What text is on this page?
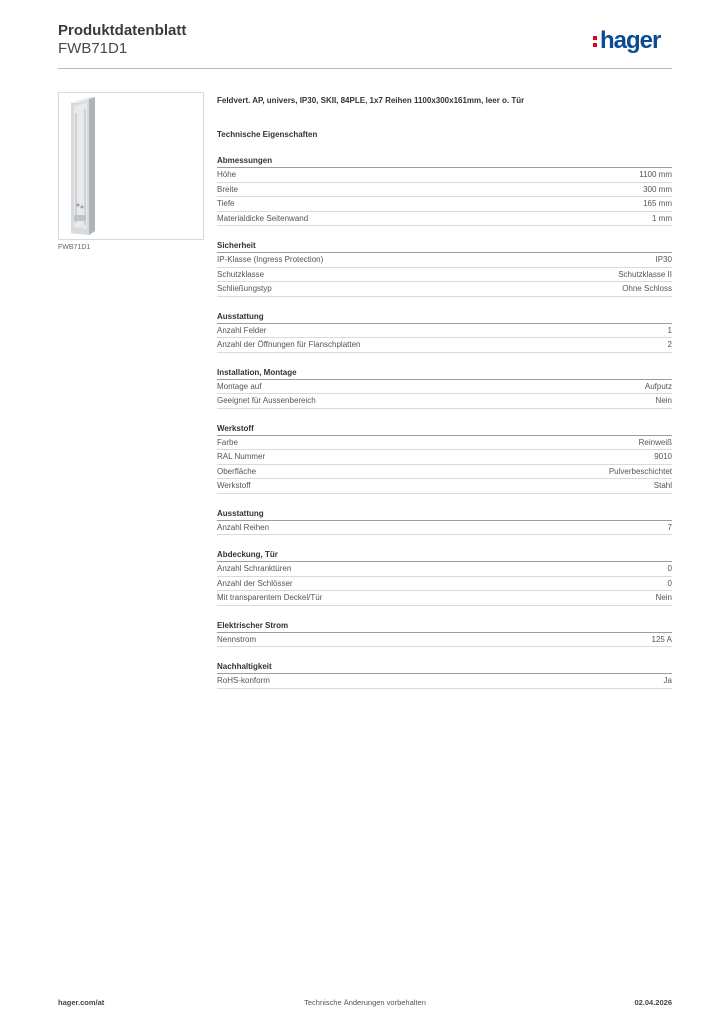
Produktdatenblatt
FWB71D1	hager
FWB71D1
Feldvert. AP, univers, IP30, SKII, 84PLE, 1x7 Reihen 1100x300x161mm, leer o. Tür
Technische Eigenschaften
Abmessungen
Höhe	1100 mm
Breite	300 mm
Tiefe	165 mm
Materialdicke Seitenwand	1 mm
Sicherheit
IP-Klasse (Ingress Protection)	IP30
Schutzklasse	Schutzklasse II
Schließungstyp	Ohne Schloss
Ausstattung
Anzahl Felder	1
Anzahl der Öffnungen für Flanschplatten	2
Installation, Montage
Montage auf	Aufputz
Geeignet für Aussenbereich	Nein
Werkstoff
Farbe	Reinweiß
RAL Nummer	9010
Oberfläche	Pulverbeschichtet
Werkstoff	Stahl
Ausstattung
Anzahl Reihen	7
Abdeckung, Tür
Anzahl Schranktüren	0
Anzahl der Schlösser	0
Mit transparentem Deckel/Tür	Nein
Elektrischer Strom
Nennstrom	125 A
Nachhaltigkeit
RoHS-konform	Ja
hager.com/at	Technische Änderungen vorbehalten	02.04.2026
